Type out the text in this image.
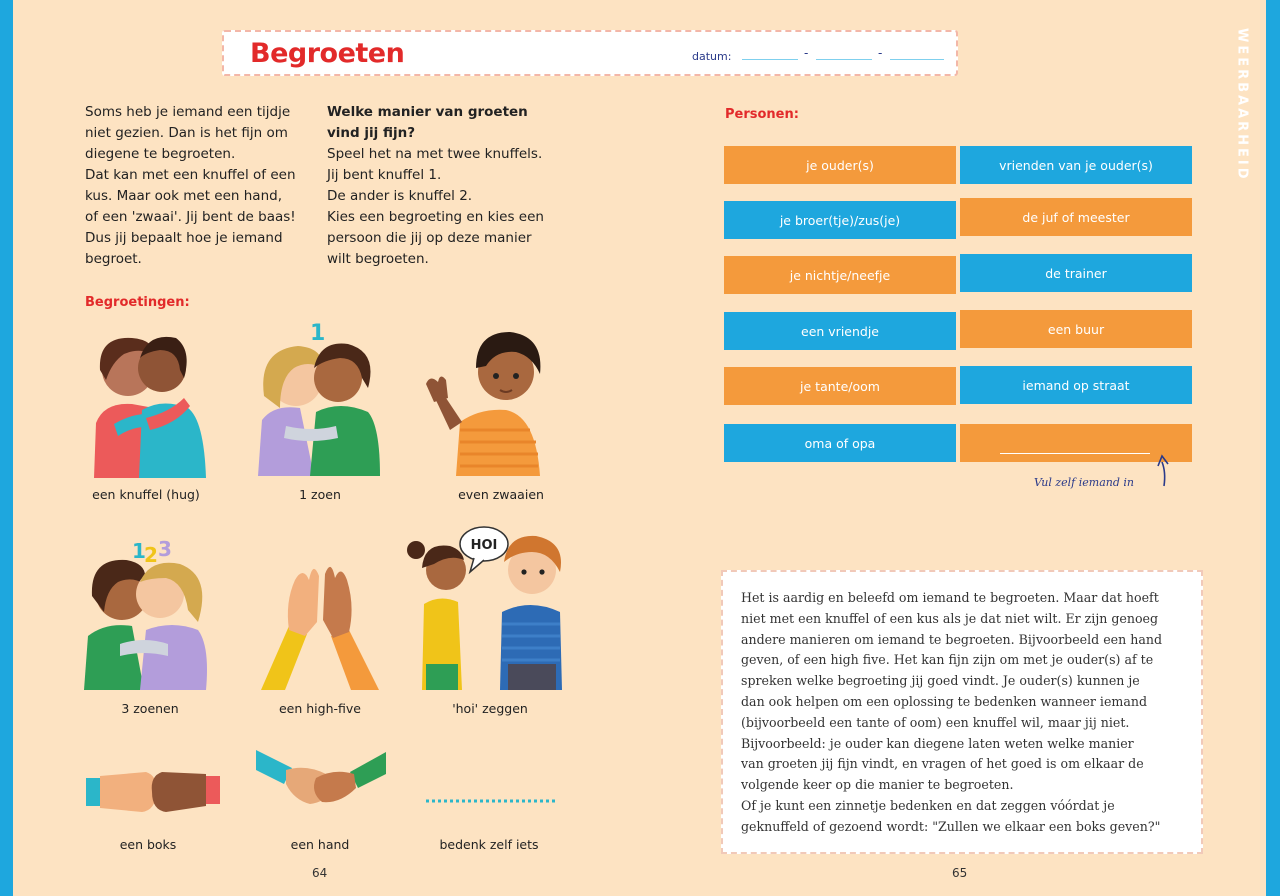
WEERBAARHEID
Begroeten	datum:	-	-

Soms heb je iemand een tijdje

niet gezien. Dan is het fijn om

diegene te begroeten.

Dat kan met een knuffel of een

kus. Maar ook met een hand,

of een 'zwaai'. Jij bent de baas!

Dus jij bepaalt hoe je iemand

begroet.

Welke manier van groeten

vind jij fijn?

Speel het na met twee knuffels.

Jij bent knuffel 1.

De ander is knuffel 2.

Kies een begroeting en kies een

persoon die jij op deze manier

wilt begroeten.

Begroetingen:
1
1
2 3	HOI
een knuffel (hug)	1 zoen	even zwaaien
3 zoenen	een high-five	'hoi' zeggen
een boks	een hand	bedenk zelf iets
Personen:
je ouder(s)	vrienden van je ouder(s)
je broer(tje)/zus(je)	de juf of meester
je nichtje/neefje	de trainer
een vriendje	een buur
je tante/oom	iemand op straat
oma of opa
Vul zelf iemand in
Het is aardig en beleefd om iemand te begroeten. Maar dat hoeft
niet met een knuffel of een kus als je dat niet wilt. Er zijn genoeg
andere manieren om iemand te begroeten. Bijvoorbeeld een hand
geven, of een high five. Het kan fijn zijn om met je ouder(s) af te
spreken welke begroeting jij goed vindt. Je ouder(s) kunnen je
dan ook helpen om een oplossing te bedenken wanneer iemand
(bijvoorbeeld een tante of oom) een knuffel wil, maar jij niet.
Bijvoorbeeld: je ouder kan diegene laten weten welke manier
van groeten jij fijn vindt, en vragen of het goed is om elkaar de
volgende keer op die manier te begroeten.
Of je kunt een zinnetje bedenken en dat zeggen vóórdat je
geknuffeld of gezoend wordt: "Zullen we elkaar een boks geven?"
64	65
